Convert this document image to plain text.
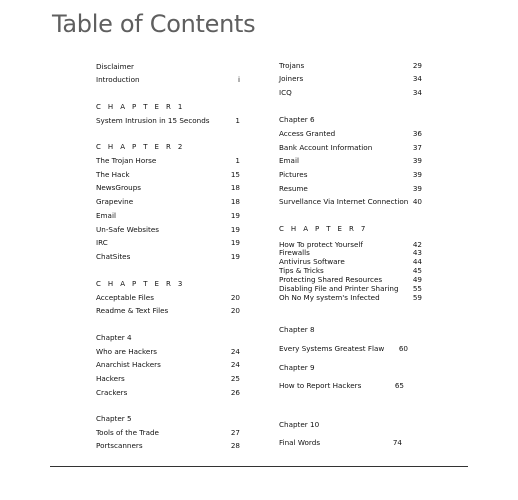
Table of Contents
Disclaimer
Introduction	i
C H A P T E R 1
System Intrusion in 15 Seconds	1
C H A P T E R 2
The Trojan Horse	1
The Hack	15
NewsGroups	18
Grapevine	18
Email	19
Un-Safe Websites	19
IRC	19
ChatSites	19
C H A P T E R 3
Acceptable Files	20
Readme & Text Files	20
Chapter 4
Who are Hackers	24
Anarchist Hackers	24
Hackers	25
Crackers	26
Chapter 5
Tools of the Trade	27
Portscanners	28
Trojans	29
Joiners	34
ICQ	34
Chapter 6
Access Granted	36
Bank Account Information	37
Email	39
Pictures	39
Resume	39
Survellance Via Internet Connection 40
C H A P T E R 7
How To protect Yourself	42
Firewalls	43
Antivirus Software	44
Tips & Tricks	45
Protecting Shared Resources	49
Disabling File and Printer Sharing	55
Oh No My system's Infected	59
Chapter 8
Every Systems Greatest Flaw	60
Chapter 9
How to Report Hackers	65
Chapter 10
Final Words	74
